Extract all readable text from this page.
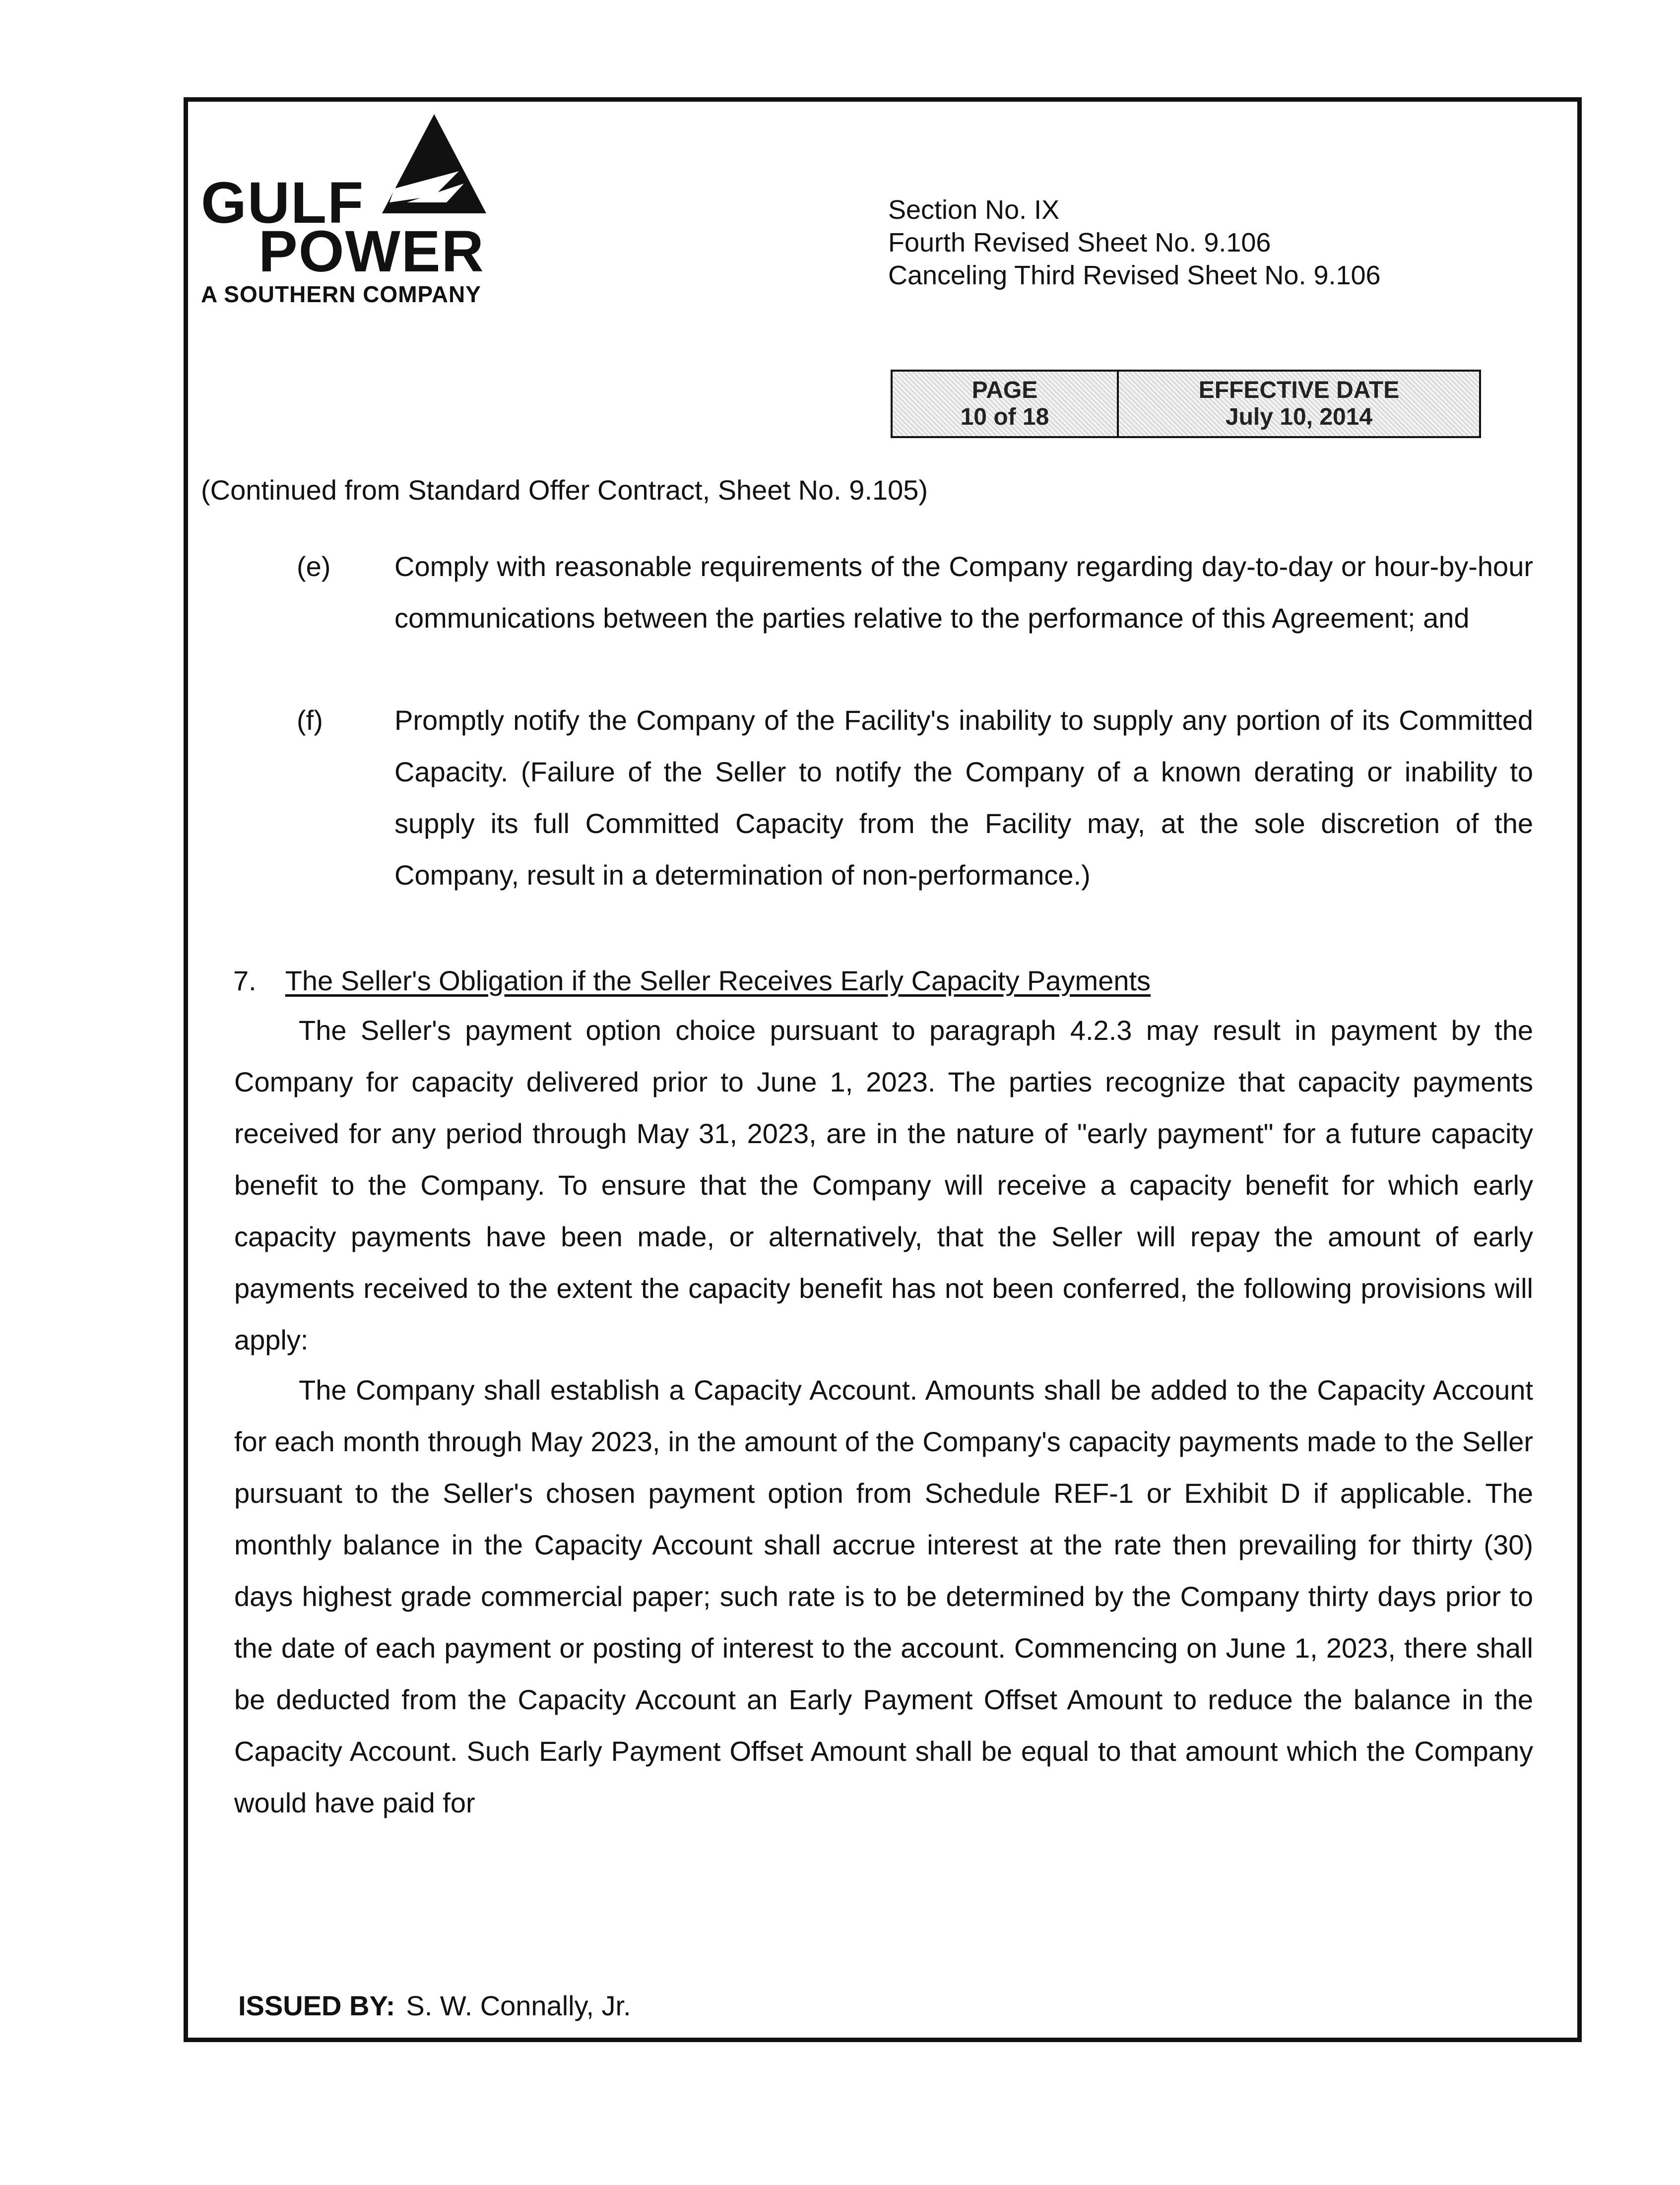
GULF
POWER
A SOUTHERN COMPANY
Section No. IX
Fourth Revised Sheet No. 9.106
Canceling Third Revised Sheet No. 9.106
PAGE
10 of 18
EFFECTIVE DATE
July 10, 2014
(Continued from Standard Offer Contract, Sheet No. 9.105)
(e) Comply with reasonable requirements of the Company regarding day-to-day or hour-by-hour communications between the parties relative to the performance of this Agreement; and
(f)	Promptly notify the Company of the Facility's inability to supply any portion of its Committed Capacity. (Failure of the Seller to notify the Company of a known derating or inability to supply its full Committed Capacity from the Facility may, at the sole discretion of the Company, result in a determination of non-performance.)
7. The Seller's Obligation if the Seller Receives Early Capacity Payments
The Seller's payment option choice pursuant to paragraph 4.2.3 may result in payment by the Company for capacity delivered prior to June 1, 2023. The parties recognize that capacity payments received for any period through May 31, 2023, are in the nature of "early payment" for a future capacity benefit to the Company. To ensure that the Company will receive a capacity benefit for which early capacity payments have been made, or alternatively, that the Seller will repay the amount of early payments received to the extent the capacity benefit has not been conferred, the following provisions will apply:
The Company shall establish a Capacity Account. Amounts shall be added to the Capacity Account for each month through May 2023, in the amount of the Company's capacity payments made to the Seller pursuant to the Seller's chosen payment option from Schedule REF-1 or Exhibit D if applicable. The monthly balance in the Capacity Account shall accrue interest at the rate then prevailing for thirty (30) days highest grade commercial paper; such rate is to be determined by the Company thirty days prior to the date of each payment or posting of interest to the account. Commencing on June 1, 2023, there shall be deducted from the Capacity Account an Early Payment Offset Amount to reduce the balance in the Capacity Account. Such Early Payment Offset Amount shall be equal to that amount which the Company would have paid for
ISSUED BY: S. W. Connally, Jr.
